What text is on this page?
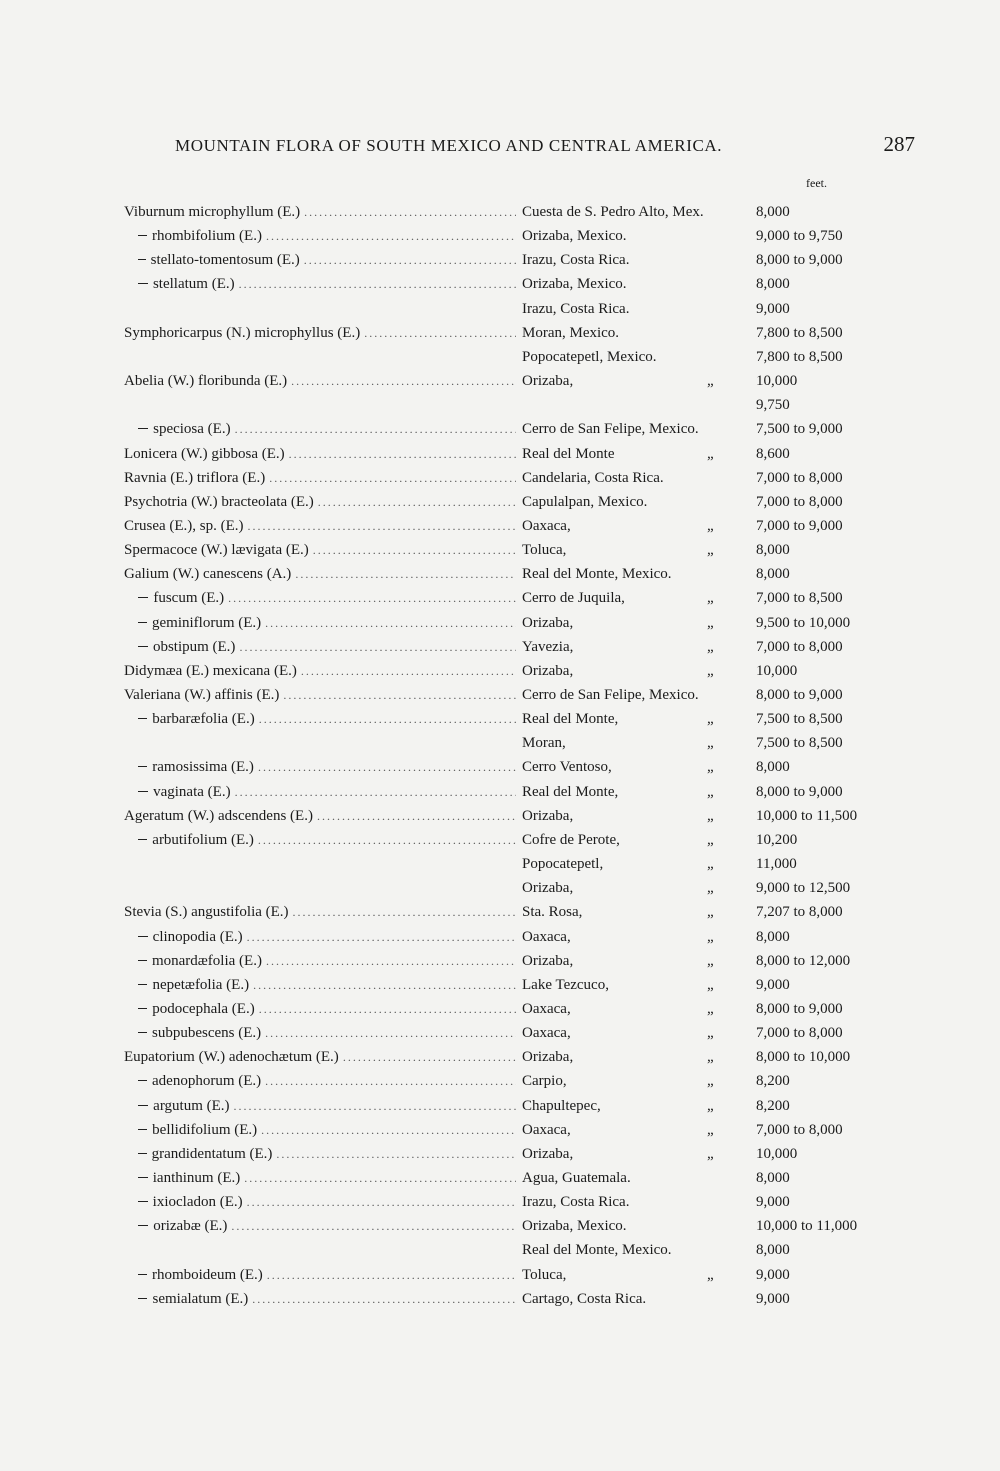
MOUNTAIN FLORA OF SOUTH MEXICO AND CENTRAL AMERICA.	287
feet.
Viburnum microphyllum (E.) .....	Cuesta de S. Pedro Alto, Mex.	8,000
rhombifolium (E.) .....	Orizaba, Mexico.	9,000 to 9,750
stellato-tomentosum (E.) .....	Irazu, Costa Rica.	8,000 to 9,000
stellatum (E.) .....	Orizaba, Mexico.	8,000
Irazu, Costa Rica.	9,000
Symphoricarpus (N.) microphyllus (E.) .....	Moran, Mexico.	7,800 to 8,500
Popocatepetl, Mexico.	7,800 to 8,500
Abelia (W.) floribunda (E.) .....	Orizaba,	„	10,000
9,750
speciosa (E.) .....	Cerro de San Felipe, Mexico.	7,500 to 9,000
Lonicera (W.) gibbosa (E.) .....	Real del Monte	„	8,600
Ravnia (E.) triflora (E.) .....	Candelaria, Costa Rica.	7,000 to 8,000
Psychotria (W.) bracteolata (E.) .....	Capulalpan, Mexico.	7,000 to 8,000
Crusea (E.), sp. (E.) .....	Oaxaca,	„	7,000 to 9,000
Spermacoce (W.) lævigata (E.) .....	Toluca,	„	8,000
Galium (W.) canescens (A.) .....	Real del Monte, Mexico.	8,000
fuscum (E.) .....	Cerro de Juquila,	„	7,000 to 8,500
geminiflorum (E.) .....	Orizaba,	„	9,500 to 10,000
obstipum (E.) .....	Yavezia,	„	7,000 to 8,000
Didymæa (E.) mexicana (E.) .....	Orizaba,	„	10,000
Valeriana (W.) affinis (E.) .....	Cerro de San Felipe, Mexico.	8,000 to 9,000
barbaræfolia (E.) .....	Real del Monte,	„	7,500 to 8,500
Moran,	„	7,500 to 8,500
ramosissima (E.) .....	Cerro Ventoso,	„	8,000
vaginata (E.) .....	Real del Monte,	„	8,000 to 9,000
Ageratum (W.) adscendens (E.) .....	Orizaba,	„	10,000 to 11,500
arbutifolium (E.) .....	Cofre de Perote,	„	10,200
Popocatepetl,	„	11,000
Orizaba,	„	9,000 to 12,500
Stevia (S.) angustifolia (E.) .....	Sta. Rosa,	„	7,207 to 8,000
clinopodia (E.) .....	Oaxaca,	„	8,000
monardæfolia (E.) .....	Orizaba,	„	8,000 to 12,000
nepetæfolia (E.) .....	Lake Tezcuco,	„	9,000
podocephala (E.) .....	Oaxaca,	„	8,000 to 9,000
subpubescens (E.) .....	Oaxaca,	„	7,000 to 8,000
Eupatorium (W.) adenochætum (E.) .....	Orizaba,	„	8,000 to 10,000
adenophorum (E.) .....	Carpio,	„	8,200
argutum (E.) .....	Chapultepec,	„	8,200
bellidifolium (E.) .....	Oaxaca,	„	7,000 to 8,000
grandidentatum (E.) .....	Orizaba,	„	10,000
ianthinum (E.) .....	Agua, Guatemala.	8,000
ixiocladon (E.) .....	Irazu, Costa Rica.	9,000
orizabæ (E.) .....	Orizaba, Mexico.	10,000 to 11,000
Real del Monte, Mexico.	8,000
rhomboideum (E.) .....	Toluca,	„	9,000
semialatum (E.) .....	Cartago, Costa Rica.	9,000
